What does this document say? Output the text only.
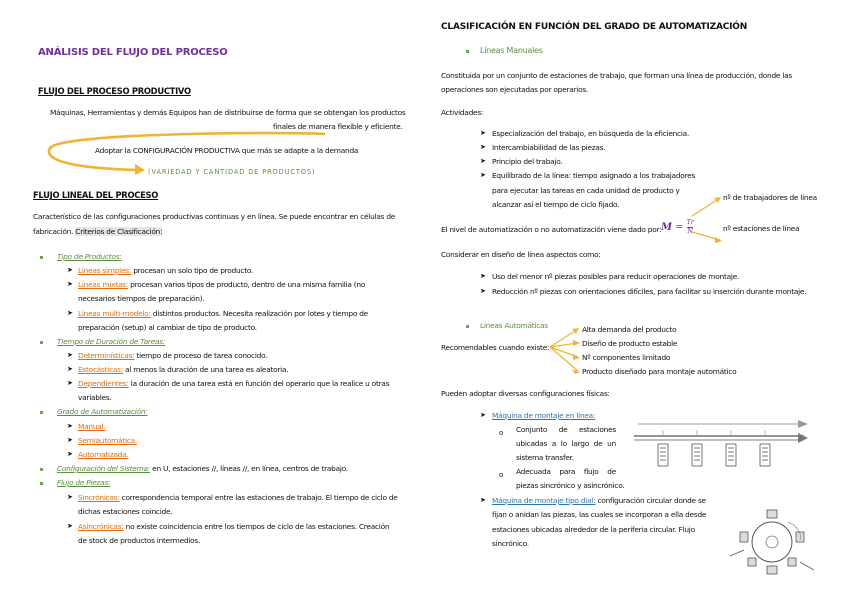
ANÁLISIS DEL FLUJO DEL PROCESO
FLUJO DEL PROCESO PRODUCTIVO
Máquinas, Herramientas y demás Equipos han de distribuirse de forma que se obtengan los productos
finales de manera flexible y eficiente.
Adoptar la CONFIGURACIÓN PRODUCTIVA que más se adapte a la demanda
(VARIEDAD Y CANTIDAD DE PRODUCTOS)
FLUJO LINEAL DEL PROCESO
Característico de las configuraciones productivas continuas y en línea. Se puede encontrar en células de
fabricación. Criterios de Clasificación:
Tipo de Productos:
➤ Líneas simples: procesan un solo tipo de producto.
➤ Líneas mixtas: procesan varios tipos de producto, dentro de una misma familia (no
necesarios tiempos de preparación).
➤ Líneas multi-modelo: distintos productos. Necesita realización por lotes y tiempo de
preparación (setup) al cambiar de tipo de producto.
Tiempo de Duración de Tareas:
➤ Determinísticas: tiempo de proceso de tarea conocido.
➤ Estocásticas: al menos la duración de una tarea es aleatoria.
➤ Dependientes: la duración de una tarea está en función del operario que la realice u otras
variables.
Grado de Automatización:
➤ Manual.
➤ Semiautomática.
➤ Automatizada.
Configuración del Sistema: en U, estaciones //, líneas //, en línea, centros de trabajo.
Flujo de Piezas:
➤ Sincrónicas: correspondencia temporal entre las estaciones de trabajo. El tiempo de ciclo de
dichas estaciones coincide.
➤ Asincrónicas: no existe coincidencia entre los tiempos de ciclo de las estaciones. Creación
de stock de productos intermedios.
CLASIFICACIÓN EN FUNCIÓN DEL GRADO DE AUTOMATIZACIÓN
Líneas Manuales
Constituida por un conjunto de estaciones de trabajo, que forman una línea de producción, donde las
operaciones son ejecutadas por operarios.
Actividades:
➤ Especialización del trabajo, en búsqueda de la eficiencia.
➤ Intercambiabilidad de las piezas.
➤ Principio del trabajo.
➤ Equilibrado de la línea: tiempo asignado a los trabajadores
para ejecutar las tareas en cada unidad de producto y
alcanzar así el tiempo de ciclo fijado.
nº de trabajadores de línea
nº estaciones de línea
El nivel de automatización o no automatización viene dado por: $M = \frac{Tr}{N}$
Considerar en diseño de línea aspectos como:
➤ Uso del menor nº piezas posibles para reducir operaciones de montaje.
➤ Reducción nº piezas con orientaciones difíciles, para facilitar su inserción durante montaje.
Líneas Automáticas
Recomendables cuando existe:
Alta demanda del producto
Diseño de producto estable
Nº componentes limitado
Producto diseñado para montaje automático
Pueden adoptar diversas configuraciones físicas:
➤ Máquina de montaje en línea:
o Conjunto de estaciones
ubicadas a lo largo de un
sistema transfer.
o Adecuada para flujo de
piezas sincrónico y asincrónico.
➤ Máquina de montaje tipo dial: configuración circular donde se
fijan o anidan las piezas, las cuales se incorporan a ella desde
estaciones ubicadas alrededor de la periferia circular. Flujo
sincrónico.
